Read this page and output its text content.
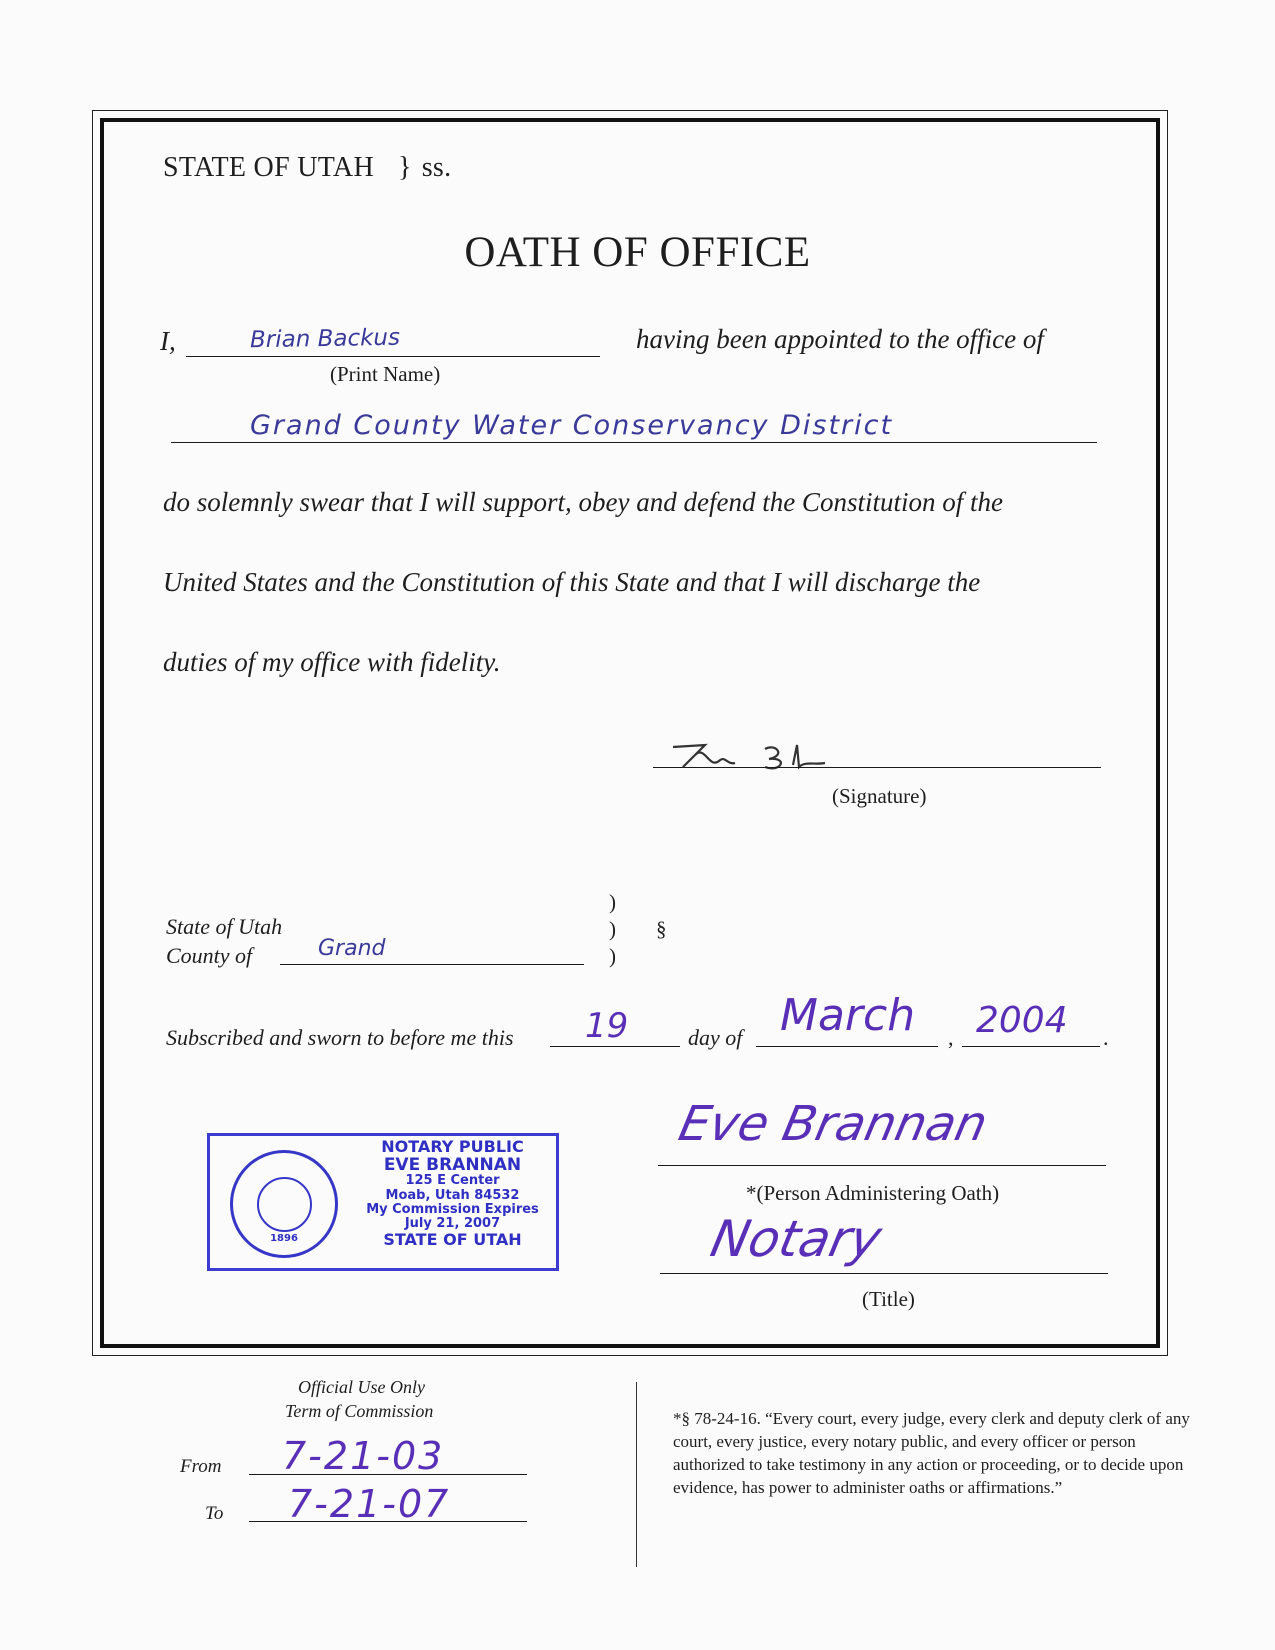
STATE OF UTAH } ss.
OATH OF OFFICE
I,	Brian Backus
(Print Name)
having been appointed to the office of
Grand County Water Conservancy District
do solemnly swear that I will support, obey and defend the Constitution of the
United States and the Constitution of this State and that I will discharge the
duties of my office with fidelity.
(Signature)
State of Utah
County of	Grand
)
)
)
§
Subscribed and sworn to before me this 19	day of March , 2004 .
1896
NOTARY PUBLIC
EVE BRANNAN
125 E Center
Moab, Utah 84532
My Commission Expires
July 21, 2007
STATE OF UTAH
Eve Brannan
*(Person Administering Oath)
Notary
(Title)
Official Use Only
Term of Commission
From 7-21-03
To 7-21-07
*§ 78-24-16. “Every court, every judge, every clerk and deputy clerk of any court, every justice, every notary public, and every officer or person authorized to take testimony in any action or proceeding, or to decide upon evidence, has power to administer oaths or affirmations.”
